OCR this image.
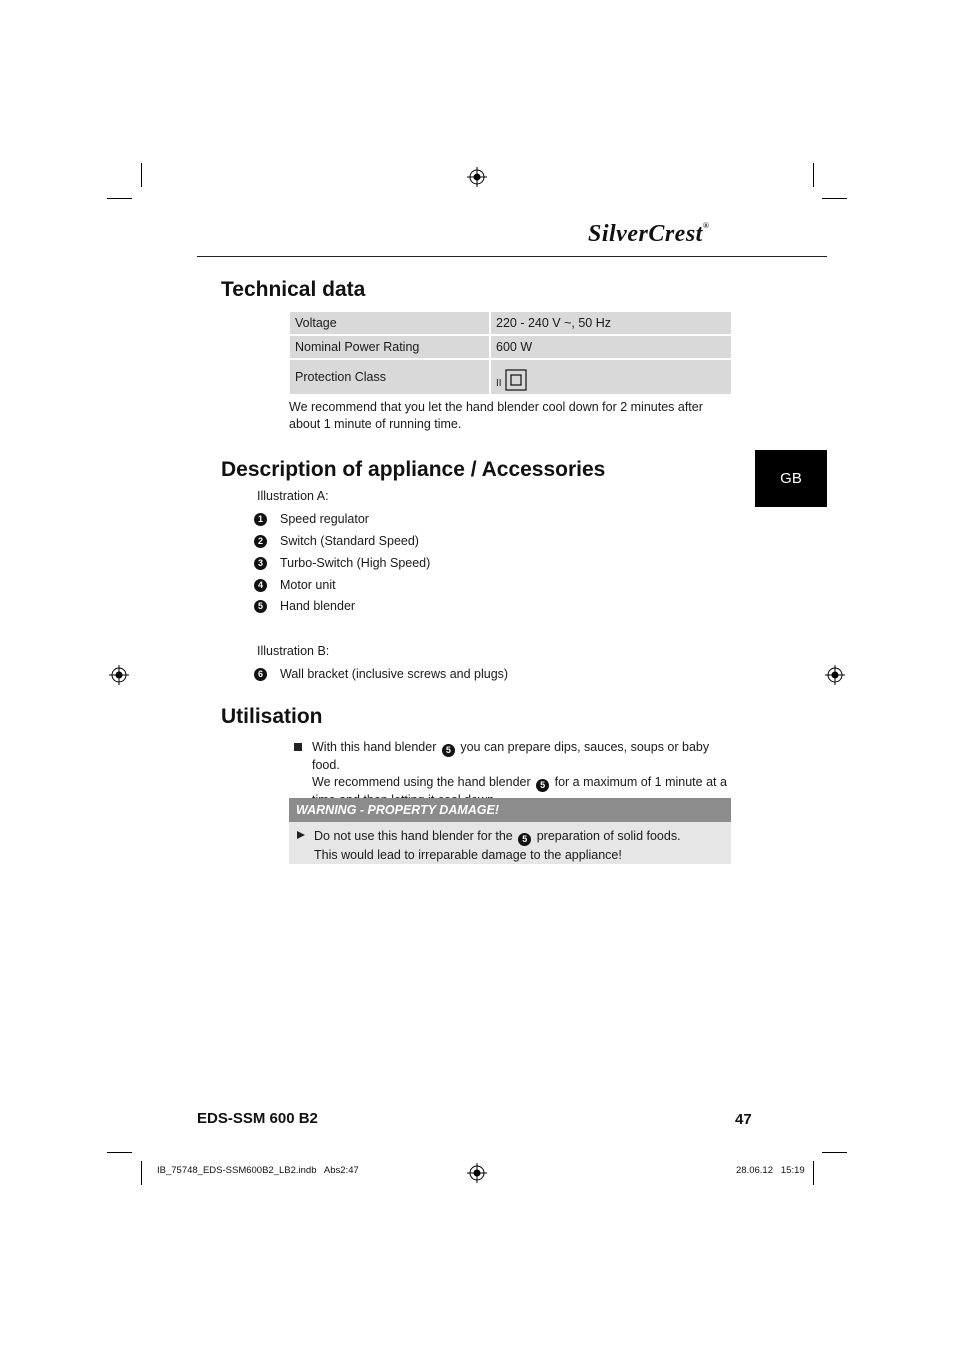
SilverCrest®
Technical data
Voltage	220 - 240 V ~, 50 Hz
Nominal Power Rating	600 W
Protection Class	II
We recommend that you let the hand blender cool down for 2 minutes after about 1 minute of running time.
GB
Description of appliance / Accessories
Illustration A:
1	Speed regulator
2	Switch (Standard Speed)
3	Turbo-Switch (High Speed)
4	Motor unit
5	Hand blender
Illustration B:
6	Wall bracket (inclusive screws and plugs)
Utilisation
With this hand blender 5 you can prepare dips, sauces, soups or baby food.
We recommend using the hand blender 5 for a maximum of 1 minute at a
WARNING - PROPERTY DAMAGE!
Do not use this hand blender for the 5 preparation of solid foods.
This would lead to irreparable damage to the appliance!
EDS-SSM 600 B2	47
IB_75748_EDS-SSM600B2_LB2.indb   Abs2:47	28.06.12   15:19
